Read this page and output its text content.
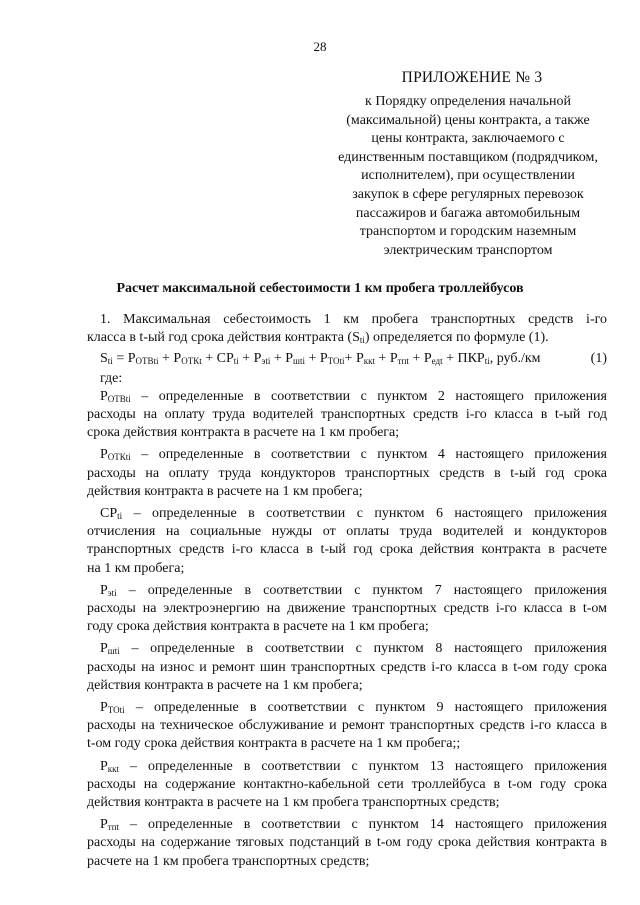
28
ПРИЛОЖЕНИЕ № 3
к Порядку определения начальной
(максимальной) цены контракта, а также
цены контракта, заключаемого с
единственным поставщиком (подрядчиком,
исполнителем), при осуществлении
закупок в сфере регулярных перевозок
пассажиров и багажа автомобильным
транспортом и городским наземным
электрическим транспортом
Расчет максимальной себестоимости 1 км пробега троллейбусов
1. Максимальная себестоимость 1 км пробега транспортных средств i-го
класса в t-ый год срока действия контракта $(S_{ti})$ определяется по формуле (1).
$S_{ti} = Р_{ОТВti} + Р_{ОТКt} + СР_{ti} + Р_{эti} + Р_{шti} + Р_{ТОti}+ Р_{ккt} + Р_{тпt} + Р_{едt} + ПКР_{ti}$, руб./км	(1)
где:
$Р_{ОТВti}$ – определенные в соответствии с пунктом 2 настоящего приложения
расходы на оплату труда водителей транспортных средств i-го класса в t-ый год
срока действия контракта в расчете на 1 км пробега;
$Р_{ОТКti}$ – определенные в соответствии с пунктом 4 настоящего приложения
расходы на оплату труда кондукторов транспортных средств в t-ый год срока
действия контракта в расчете на 1 км пробега;
$СР_{ti}$ – определенные в соответствии с пунктом 6 настоящего приложения
отчисления на социальные нужды от оплаты труда водителей и кондукторов
транспортных средств i-го класса в t-ый год срока действия контракта в расчете
на 1 км пробега;
$Р_{эti}$ – определенные в соответствии с пунктом 7 настоящего приложения
расходы на электроэнергию на движение транспортных средств i-го класса в t-ом
году срока действия контракта в расчете на 1 км пробега;
$Р_{шti}$ – определенные в соответствии с пунктом 8 настоящего приложения
расходы на износ и ремонт шин транспортных средств i-го класса в t-ом году срока
действия контракта в расчете на 1 км пробега;
$Р_{ТОti}$ – определенные в соответствии с пунктом 9 настоящего приложения
расходы на техническое обслуживание и ремонт транспортных средств i-го класса в
t-ом году срока действия контракта в расчете на 1 км пробега;;
$Р_{ккt}$ – определенные в соответствии с пунктом 13 настоящего приложения
расходы на содержание контактно-кабельной сети троллейбуса в t-ом году срока
действия контракта в расчете на 1 км пробега транспортных средств;
$Р_{тпt}$ – определенные в соответствии с пунктом 14 настоящего приложения
расходы на содержание тяговых подстанций в t-ом году срока действия контракта в
расчете на 1 км пробега транспортных средств;
